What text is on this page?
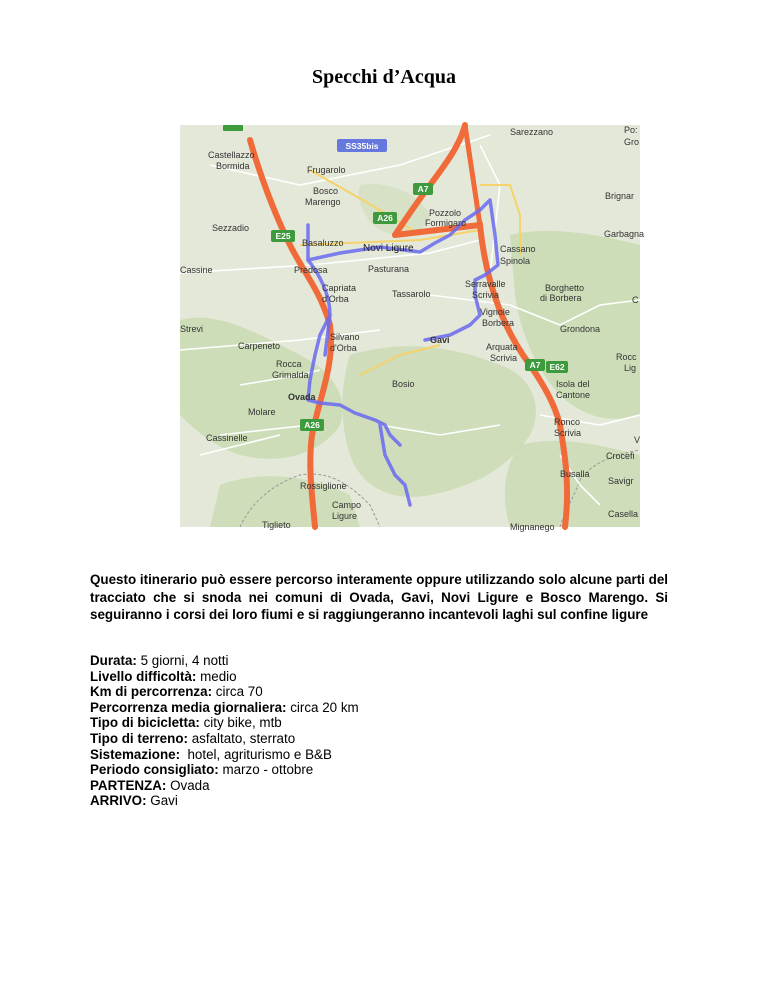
Specchi d’Acqua
A7
A26
E25
A7 E62
A26
SS35bis
Sarezzano	Po:
Gro
Castellazzo
Bormida	Frugarolo
Bosco
Marengo
Brignar
Pozzolo
Formigaro
Sezzadio
Garbagna
Basaluzzo Novi Ligure	Cassano
Spinola
Cassine	Predosa	Pasturana
Capriata
d'Orba	Tassarolo
Serravalle
Scrivia
Borghetto
di Borbera	C
Vignole
Borbera
Strevi	Grondona
Carpeneto
Silvano
d'Orba
Gavi
Arquata
Scrivia
Rocca
Grimalda
Rocc
Lig
Bosio	Isola del
Cantone
Ovada
Molare
Cassinelle
Ronco
Scrivia
V
Crocefi
Busalla
Savigr
Rossiglione
Campo
Ligure	Casella
Tiglieto	Mignanego
Questo itinerario può essere percorso interamente oppure utilizzando solo alcune parti del tracciato che si snoda nei comuni di Ovada, Gavi, Novi Ligure e Bosco Marengo. Si seguiranno i corsi dei loro fiumi e si raggiungeranno incantevoli laghi sul confine ligure
Durata: 5 giorni, 4 notti
Livello difficoltà: medio
Km di percorrenza: circa 70
Percorrenza media giornaliera: circa 20 km
Tipo di bicicletta: city bike, mtb
Tipo di terreno: asfaltato, sterrato
Sistemazione:  hotel, agriturismo e B&B
Periodo consigliato: marzo - ottobre
PARTENZA: Ovada
ARRIVO: Gavi
